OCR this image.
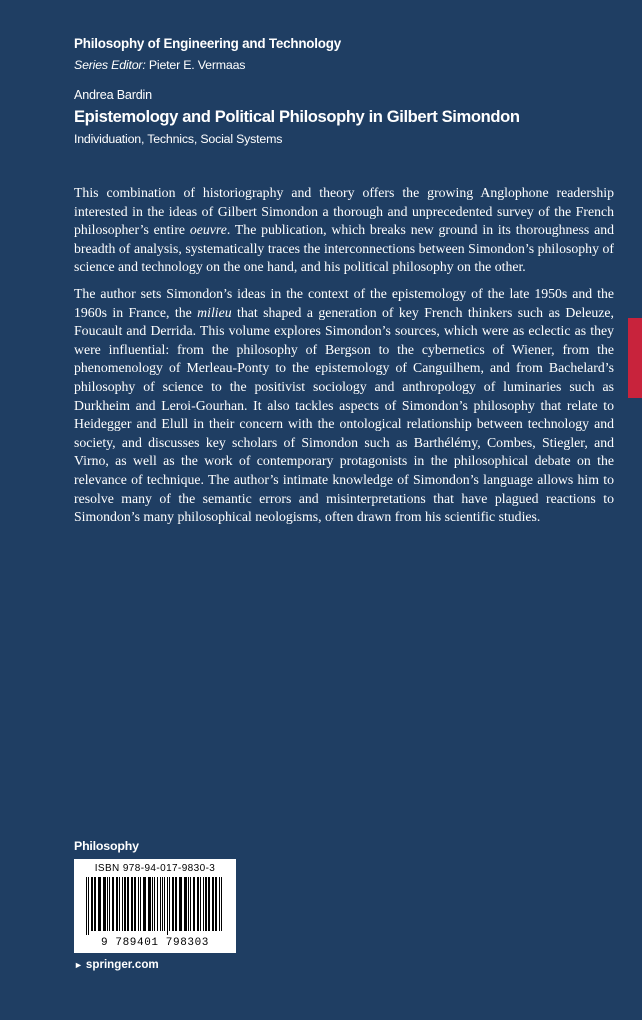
Philosophy of Engineering and Technology
Series Editor: Pieter E. Vermaas
Andrea Bardin
Epistemology and Political Philosophy in Gilbert Simondon
Individuation, Technics, Social Systems

This combination of historiography and theory offers the growing Anglophone readership interested in the ideas of Gilbert Simondon a thorough and unprecedented survey of the French philosopher’s entire oeuvre. The publication, which breaks new ground in its thoroughness and breadth of analysis, systematically traces the interconnections between Simondon’s philosophy of science and technology on the one hand, and his political philosophy on the other.

The author sets Simondon’s ideas in the context of the epistemology of the late 1950s and the 1960s in France, the milieu that shaped a generation of key French thinkers such as Deleuze, Foucault and Derrida. This volume explores Simondon’s sources, which were as eclectic as they were influential: from the philosophy of Bergson to the cybernetics of Wiener, from the phenomenology of Merleau-Ponty to the epistemology of Canguilhem, and from Bachelard’s philosophy of science to the positivist sociology and anthropology of luminaries such as Durkheim and Leroi-Gourhan. It also tackles aspects of Simondon’s philosophy that relate to Heidegger and Elull in their concern with the ontological relationship between technology and society, and discusses key scholars of Simondon such as Barthélémy, Combes, Stiegler, and Virno, as well as the work of contemporary protagonists in the philosophical debate on the relevance of technique. The author’s intimate knowledge of Simondon’s language allows him to resolve many of the semantic errors and misinterpretations that have plagued reactions to Simondon’s many philosophical neologisms, often drawn from his scientific studies.

Philosophy
ISBN 978-94-017-9830-3
9 789401 798303
► springer.com
